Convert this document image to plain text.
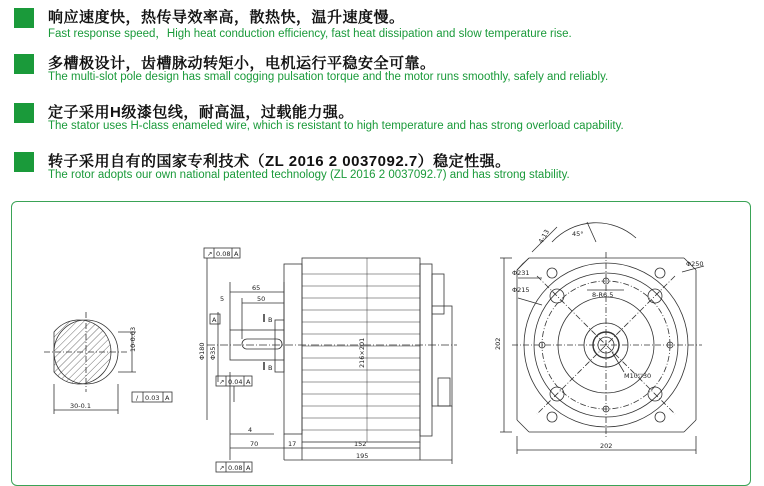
响应速度快，热传导效率高，散热快，温升速度慢。
Fast response speed，High heat conduction efficiency, fast heat dissipation and slow temperature rise.
多槽极设计，齿槽脉动转矩小，电机运行平稳安全可靠。
The multi-slot pole design has small cogging pulsation torque and the motor runs smoothly, safely and reliably.
定子采用H级漆包线，耐高温，过载能力强。
The stator uses H-class enameled wire, which is resistant to high temperature and has strong overload capability.
转子采用自有的国家专利技术（ZL 2016 2 0037092.7）稳定性强。
The rotor adopts our own national patented technology (ZL 2016 2 0037092.7) and has strong stability.
10-0.03
30-0.1
/ 0.03 A
↗ 0.08 A
↗ 0.04 A
↗ 0.08 A
A
65
50
5
B
B
Φ180 Φ35
4
70	17	152
195
216×201
4-13	45°
Φ231
Φ250
Φ215
8-R6.5
M10▽30
202
202
